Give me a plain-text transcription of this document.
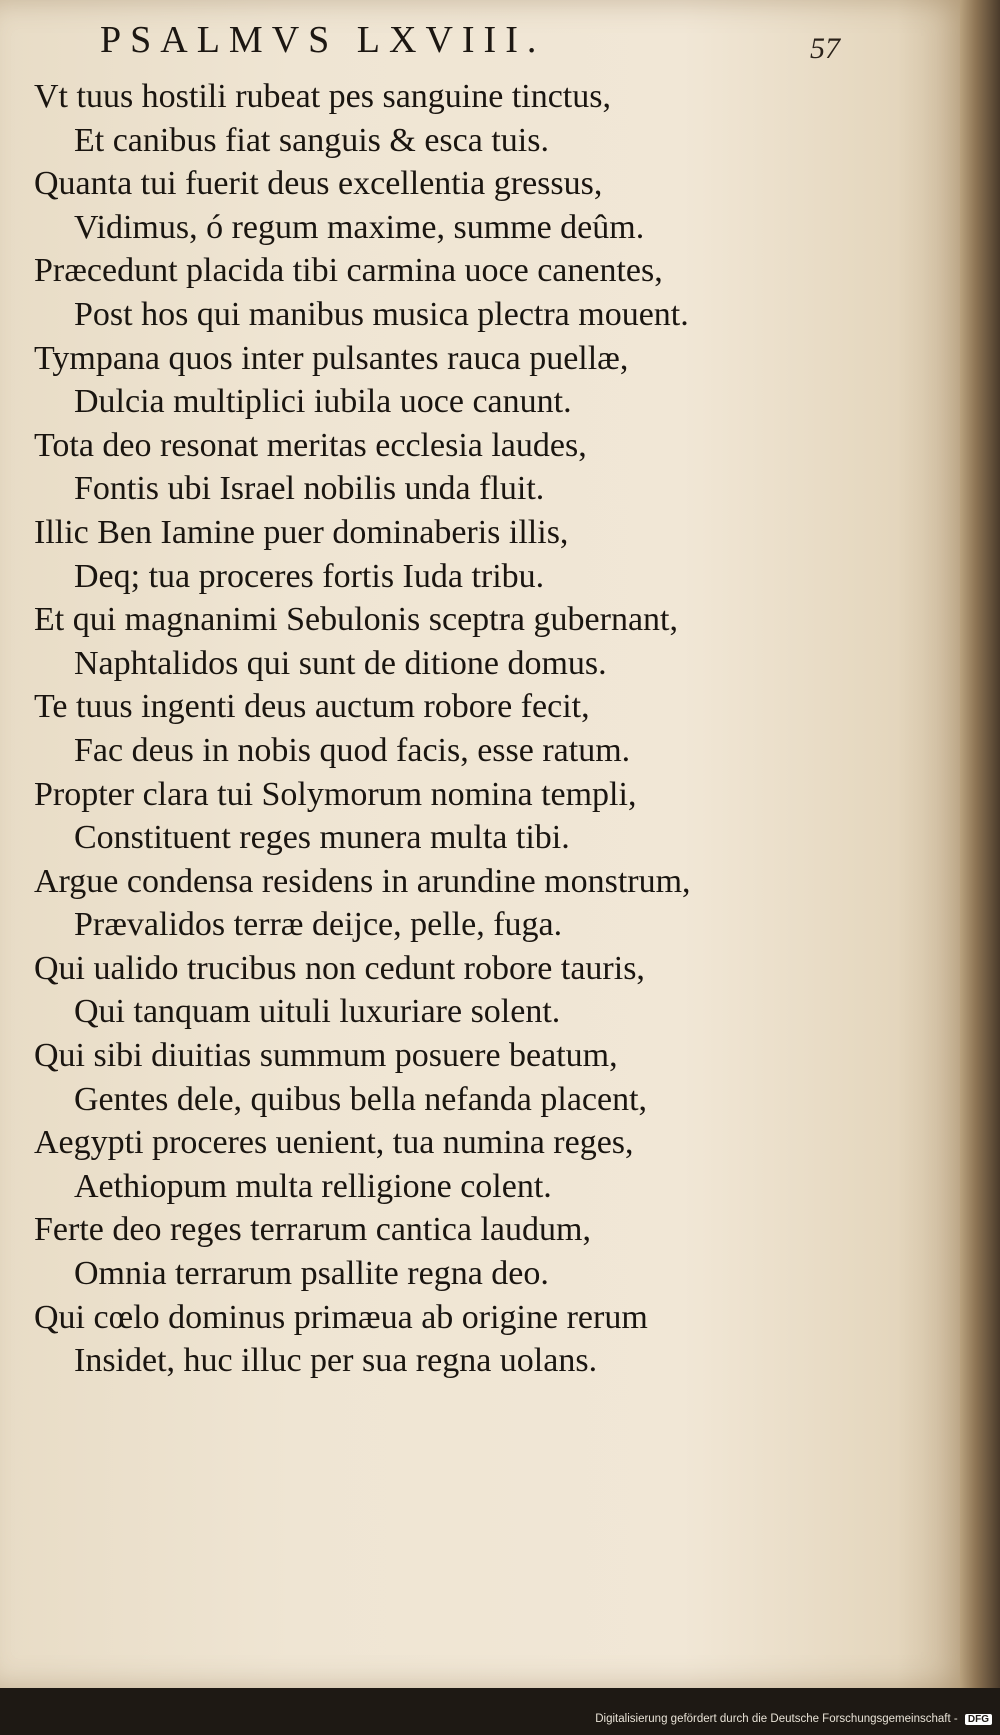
PSALMVS LXVIII.	57
Vt tuus hostili rubeat pes sanguine tinctus,
Et canibus fiat sanguis & esca tuis.
Quanta tui fuerit deus excellentia gressus,
Vidimus, ó regum maxime, summe deûm.
Præcedunt placida tibi carmina uoce canentes,
Post hos qui manibus musica plectra mouent.
Tympana quos inter pulsantes rauca puellæ,
Dulcia multiplici iubila uoce canunt.
Tota deo resonat meritas ecclesia laudes,
Fontis ubi Israel nobilis unda fluit.
Illic Ben Iamine puer dominaberis illis,
Deq; tua proceres fortis Iuda tribu.
Et qui magnanimi Sebulonis sceptra gubernant,
Naphtalidos qui sunt de ditione domus.
Te tuus ingenti deus auctum robore fecit,
Fac deus in nobis quod facis, esse ratum.
Propter clara tui Solymorum nomina templi,
Constituent reges munera multa tibi.
Argue condensa residens in arundine monstrum,
Prævalidos terræ deijce, pelle, fuga.
Qui ualido trucibus non cedunt robore tauris,
Qui tanquam uituli luxuriare solent.
Qui sibi diuitias summum posuere beatum,
Gentes dele, quibus bella nefanda placent,
Aegypti proceres uenient, tua numina reges,
Aethiopum multa relligione colent.
Ferte deo reges terrarum cantica laudum,
Omnia terrarum psallite regna deo.
Qui cœlo dominus primæua ab origine rerum
Insidet, huc illuc per sua regna uolans.
Digitalisierung gefördert durch die Deutsche Forschungsgemeinschaft - DFG
